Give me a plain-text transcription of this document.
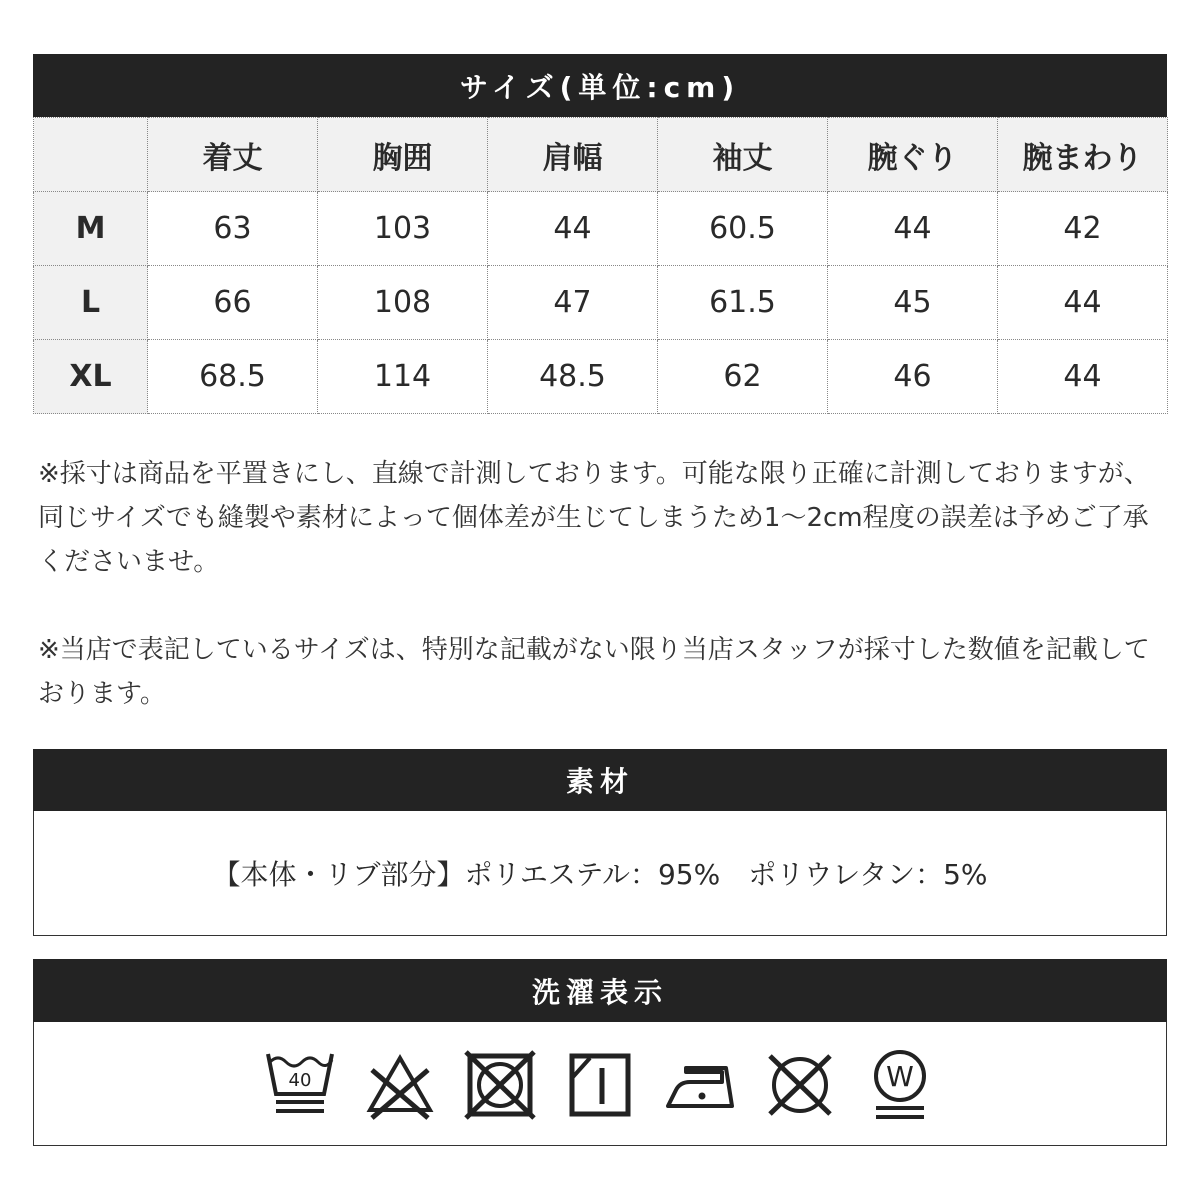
サイズ(単位:cm)
	着丈	胸囲	肩幅	袖丈	腕ぐり	腕まわり
M	63	103	44	60.5	44	42
L	66	108	47	61.5	45	44
XL	68.5	114	48.5	62	46	44

※採寸は商品を平置きにし、直線で計測しております。可能な限り正確に計測しておりますが、同じサイズでも縫製や素材によって個体差が生じてしまうため1〜2cm程度の誤差は予めご了承くださいませ。

※当店で表記しているサイズは、特別な記載がない限り当店スタッフが採寸した数値を記載しております。

素材
【本体・リブ部分】ポリエステル：95%　ポリウレタン：5%
洗濯表示
40	W
